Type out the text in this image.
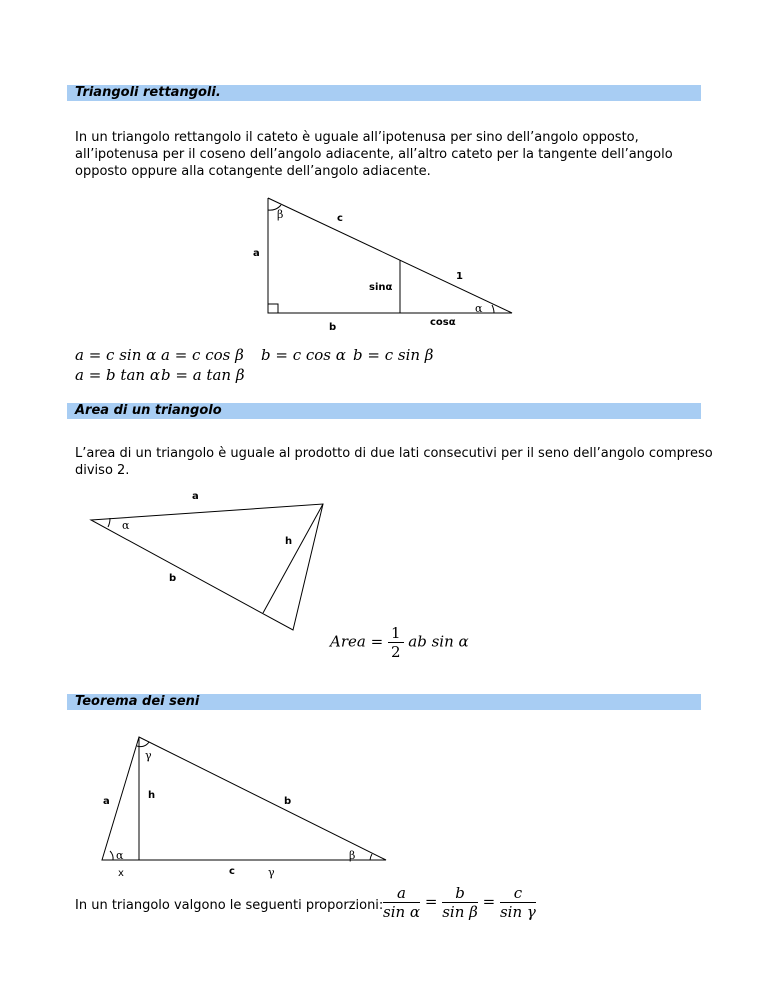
Triangoli rettangoli.
In un triangolo rettangolo il cateto è uguale all’ipotenusa per sino dell’angolo opposto, all’ipotenusa per il coseno dell’angolo adiacente, all’altro cateto per la tangente dell’angolo opposto oppure alla cotangente dell’angolo adiacente.
β	c
a
1
sinα
α
b	cosα
a
α
h
b
γ
h
a	b
α	β
x	c	γ
a = c sin α
a = b tan α
a = c cos β
b = a tan β
b = c cos α b = c sin β
Area di un triangolo
L’area di un triangolo è uguale al prodotto di due lati consecutivi per il seno dell’angolo compreso diviso 2.
Area = $\frac{1}{2}$ ab sin α
Teorema dei seni
In un triangolo valgono le seguenti proporzioni: $\frac{a}{\text{sin α}} = \frac{b}{\text{sin β}} = \frac{c}{\text{sin γ}}$
